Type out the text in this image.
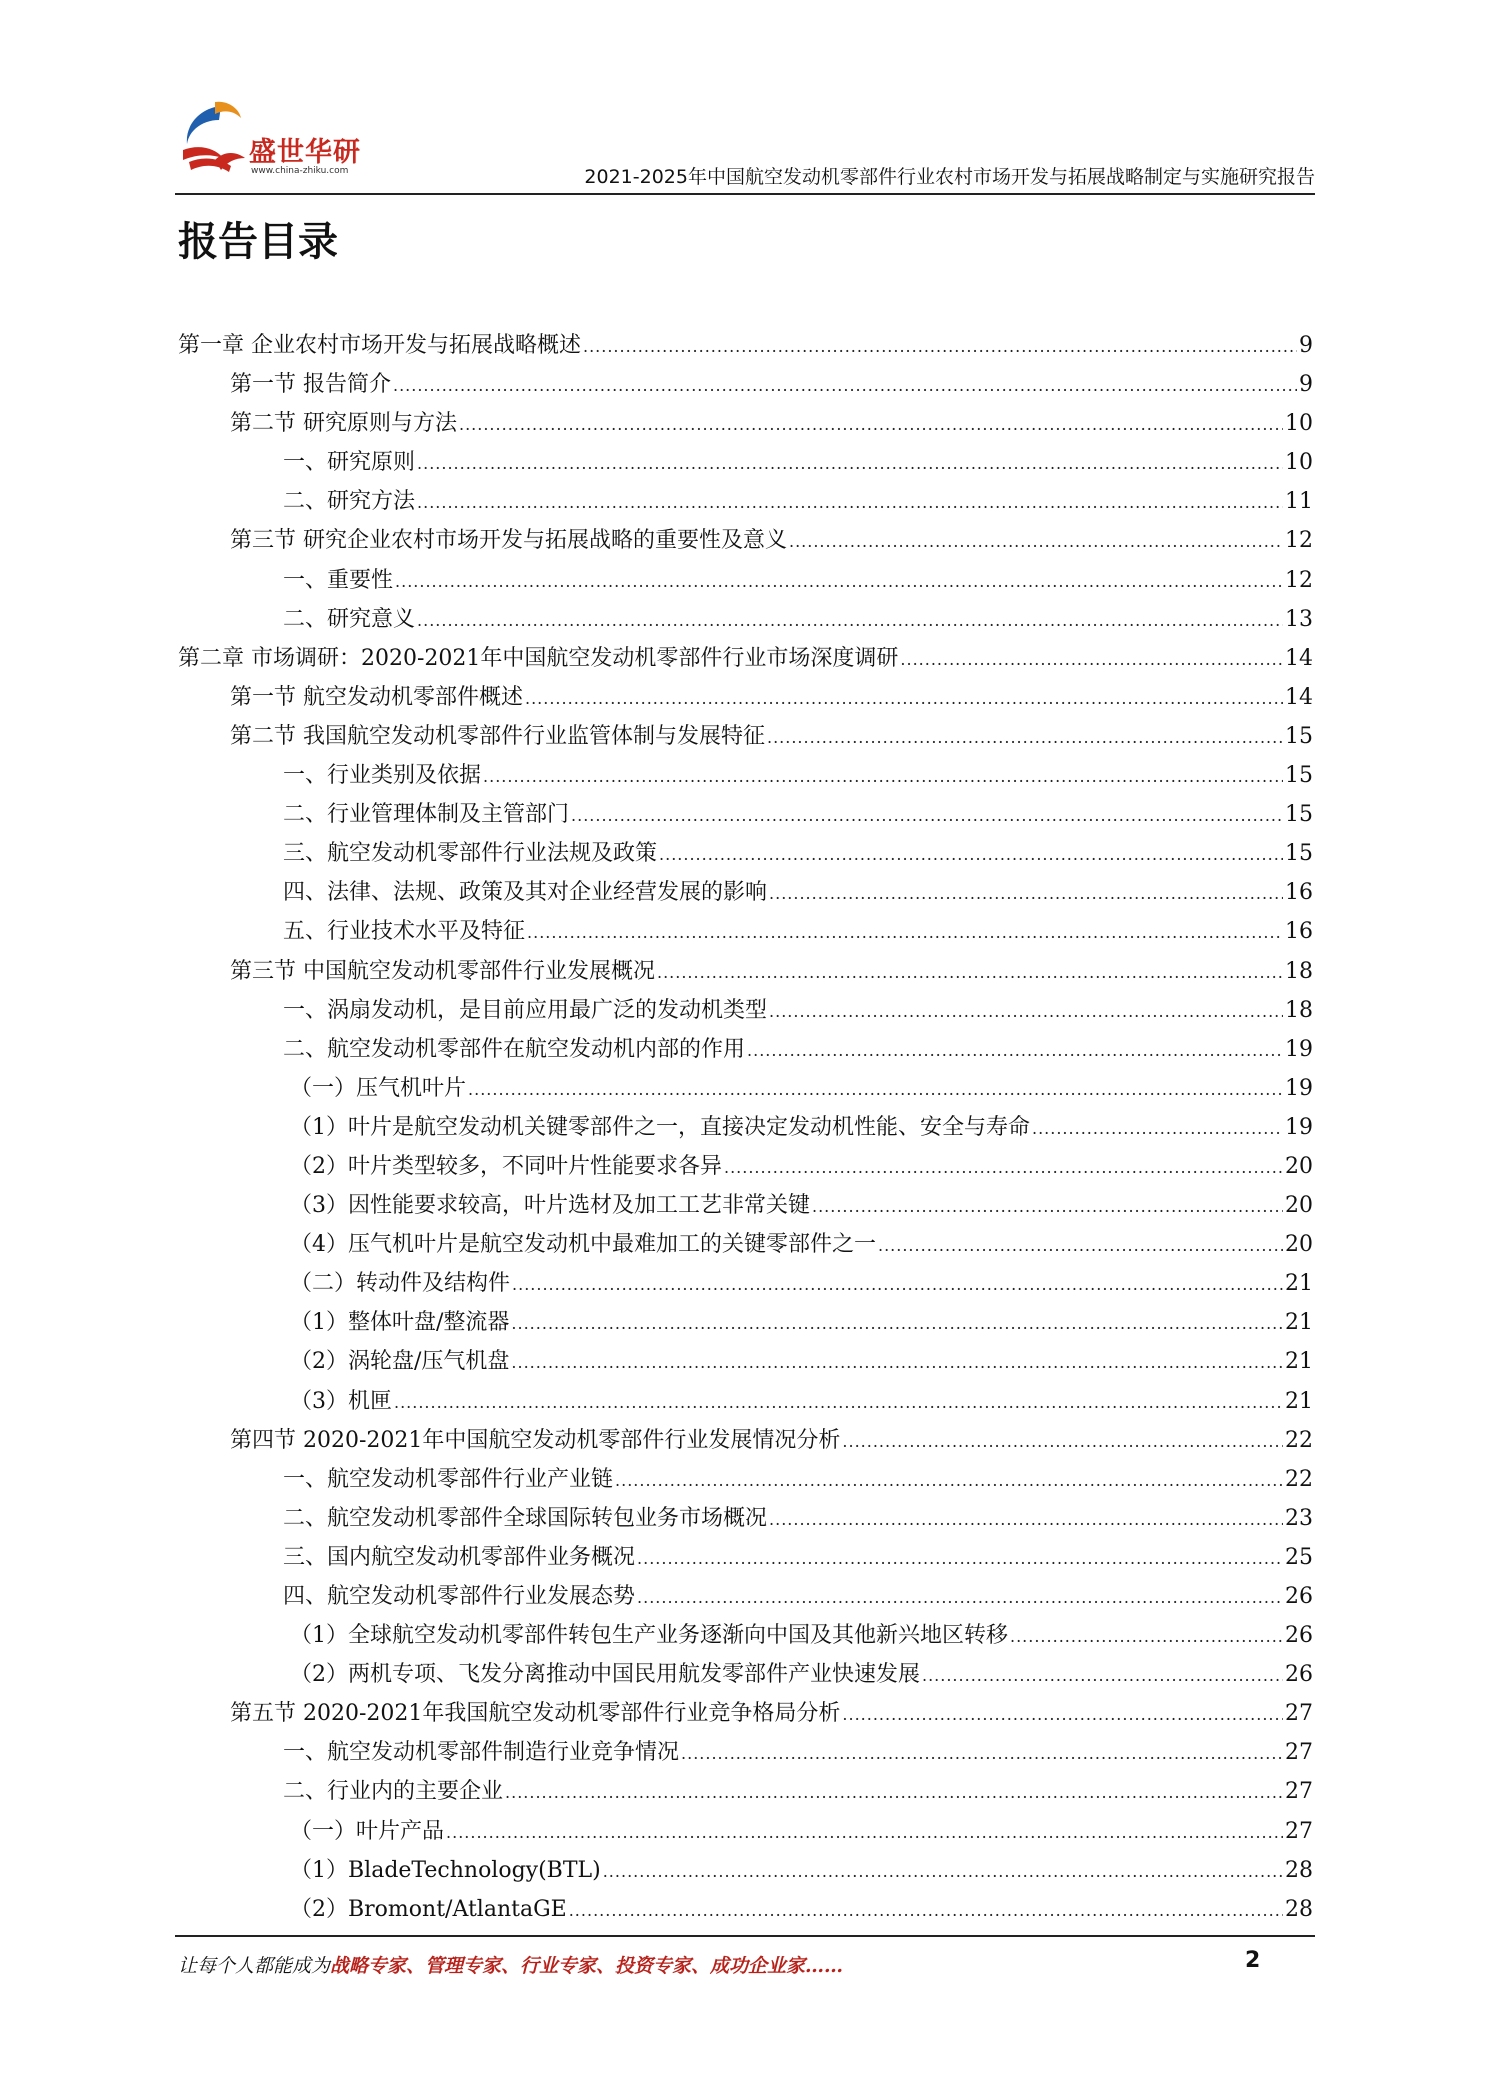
盛世华研
www.china-zhiku.com	2021-2025年中国航空发动机零部件行业农村市场开发与拓展战略制定与实施研究报告
报告目录
第一章 企业农村市场开发与拓展战略概述 .....	9
第一节 报告简介 .....	9
第二节 研究原则与方法 .....	10
一、研究原则 .....	10
二、研究方法 .....	11
第三节 研究企业农村市场开发与拓展战略的重要性及意义 .....	12
一、重要性 .....	12
二、研究意义 .....	13
第二章 市场调研：2020-2021年中国航空发动机零部件行业市场深度调研 .....	14
第一节 航空发动机零部件概述 .....	14
第二节 我国航空发动机零部件行业监管体制与发展特征 .....	15
一、行业类别及依据 .....	15
二、行业管理体制及主管部门 .....	15
三、航空发动机零部件行业法规及政策 .....	15
四、法律、法规、政策及其对企业经营发展的影响 .....	16
五、行业技术水平及特征 .....	16
第三节 中国航空发动机零部件行业发展概况 .....	18
一、涡扇发动机，是目前应用最广泛的发动机类型 .....	18
二、航空发动机零部件在航空发动机内部的作用 .....	19
（一）压气机叶片 .....	19
（1）叶片是航空发动机关键零部件之一，直接决定发动机性能、安全与寿命 .....	19
（2）叶片类型较多，不同叶片性能要求各异 .....	20
（3）因性能要求较高，叶片选材及加工工艺非常关键 .....	20
（4）压气机叶片是航空发动机中最难加工的关键零部件之一 .....	20
（二）转动件及结构件 .....	21
（1）整体叶盘/整流器 .....	21
（2）涡轮盘/压气机盘 .....	21
（3）机匣 .....	21
第四节 2020-2021年中国航空发动机零部件行业发展情况分析 .....	22
一、航空发动机零部件行业产业链 .....	22
二、航空发动机零部件全球国际转包业务市场概况 .....	23
三、国内航空发动机零部件业务概况 .....	25
四、航空发动机零部件行业发展态势 .....	26
（1）全球航空发动机零部件转包生产业务逐渐向中国及其他新兴地区转移 .....	26
（2）两机专项、飞发分离推动中国民用航发零部件产业快速发展 .....	26
第五节 2020-2021年我国航空发动机零部件行业竞争格局分析 .....	27
一、航空发动机零部件制造行业竞争情况 .....	27
二、行业内的主要企业 .....	27
（一）叶片产品 .....	27
（1）BladeTechnology(BTL) .....	28
（2）Bromont/AtlantaGE .....	28
让每个人都能成为战略专家、管理专家、行业专家、投资专家、成功企业家……	2
